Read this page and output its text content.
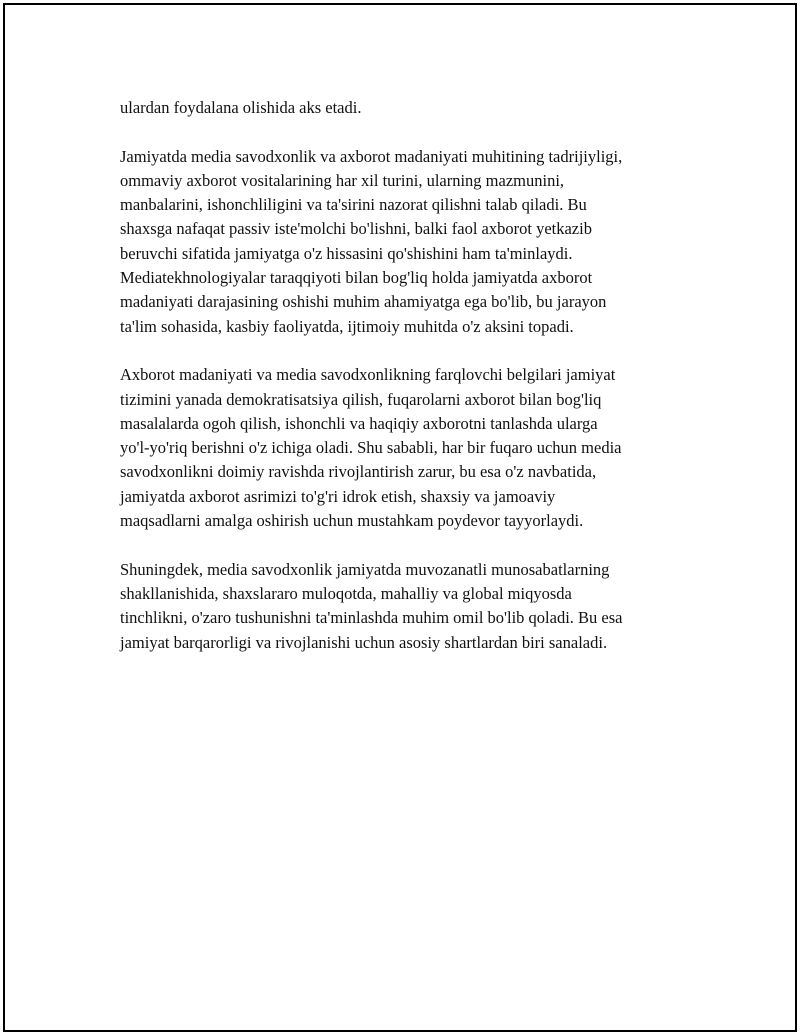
ulardan foydalana olishida aks etadi.

Jamiyatda media savodxonlik va axborot madaniyati muhitining tadrijiyligi,
ommaviy axborot vositalarining har xil turini, ularning mazmunini,
manbalarini, ishonchliligini va ta'sirini nazorat qilishni talab qiladi. Bu
shaxsga nafaqat passiv iste'molchi bo'lishni, balki faol axborot yetkazib
beruvchi sifatida jamiyatga o'z hissasini qo'shishini ham ta'minlaydi.
Mediatekhnologiyalar taraqqiyoti bilan bog'liq holda jamiyatda axborot
madaniyati darajasining oshishi muhim ahamiyatga ega bo'lib, bu jarayon
ta'lim sohasida, kasbiy faoliyatda, ijtimoiy muhitda o'z aksini topadi.

Axborot madaniyati va media savodxonlikning farqlovchi belgilari jamiyat
tizimini yanada demokratisatsiya qilish, fuqarolarni axborot bilan bog'liq
masalalarda ogoh qilish, ishonchli va haqiqiy axborotni tanlashda ularga
yo'l-yo'riq berishni o'z ichiga oladi. Shu sababli, har bir fuqaro uchun media
savodxonlikni doimiy ravishda rivojlantirish zarur, bu esa o'z navbatida,
jamiyatda axborot asrimizi to'g'ri idrok etish, shaxsiy va jamoaviy
maqsadlarni amalga oshirish uchun mustahkam poydevor tayyorlaydi.

Shuningdek, media savodxonlik jamiyatda muvozanatli munosabatlarning
shakllanishida, shaxslararo muloqotda, mahalliy va global miqyosda
tinchlikni, o'zaro tushunishni ta'minlashda muhim omil bo'lib qoladi. Bu esa
jamiyat barqarorligi va rivojlanishi uchun asosiy shartlardan biri sanaladi.
